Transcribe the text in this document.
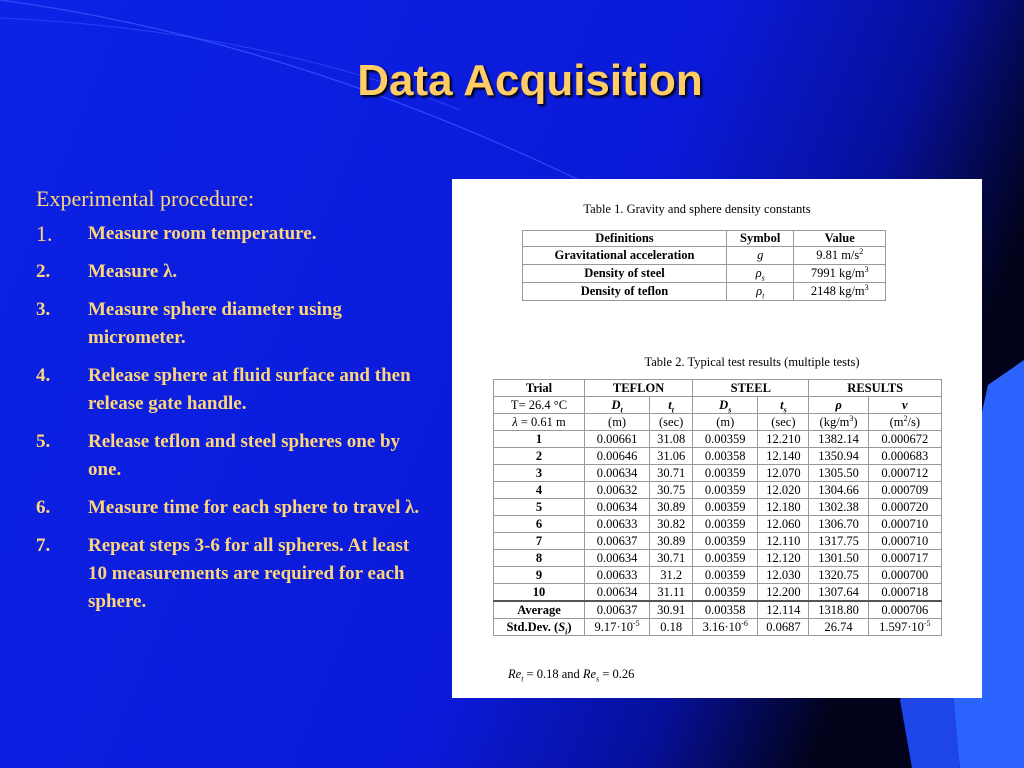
Data Acquisition
Experimental procedure:
1. Measure room temperature.
2. Measure λ.
3. Measure sphere diameter using micrometer.
4. Release sphere at fluid surface and then release gate handle.
5. Release teflon and steel spheres one by one.
6. Measure time for each sphere to travel λ.
7. Repeat steps 3-6 for all spheres. At least 10 measurements are required for each sphere.
Table 1. Gravity and sphere density constants
Definitions	Symbol	Value
Gravitational acceleration	g	9.81 $m/s^2$
Density of steel	$\rho_s$	7991 $kg/m^3$
Density of teflon	$\rho_t$	2148 $kg/m^3$
Table 2. Typical test results (multiple tests)
Trial	TEFLON		STEEL		RESULTS	
T= 26.4 °C	$D_t$	$t_t$	$D_s$	$t_s$	ρ	ν
λ = 0.61 m	(m)	(sec)	(m)	(sec)	$(kg/m^3)$	$(m^2/s)$
1	0.00661	31.08	0.00359	12.210	1382.14	0.000672
2	0.00646	31.06	0.00358	12.140	1350.94	0.000683
3	0.00634	30.71	0.00359	12.070	1305.50	0.000712
4	0.00632	30.75	0.00359	12.020	1304.66	0.000709
5	0.00634	30.89	0.00359	12.180	1302.38	0.000720
6	0.00633	30.82	0.00359	12.060	1306.70	0.000710
7	0.00637	30.89	0.00359	12.110	1317.75	0.000710
8	0.00634	30.71	0.00359	12.120	1301.50	0.000717
9	0.00633	31.2	0.00359	12.030	1320.75	0.000700
10	0.00634	31.11	0.00359	12.200	1307.64	0.000718
Average	0.00637	30.91	0.00358	12.114	1318.80	0.000706
Std.Dev. $(S_i)$	$9.17\cdot 10^{-5}$	0.18	$3.16\cdot 10^{-6}$	0.0687	26.74	$1.597\cdot 10^{-5}$
$Re_t = 0.18$ and $Re_s = 0.26$
